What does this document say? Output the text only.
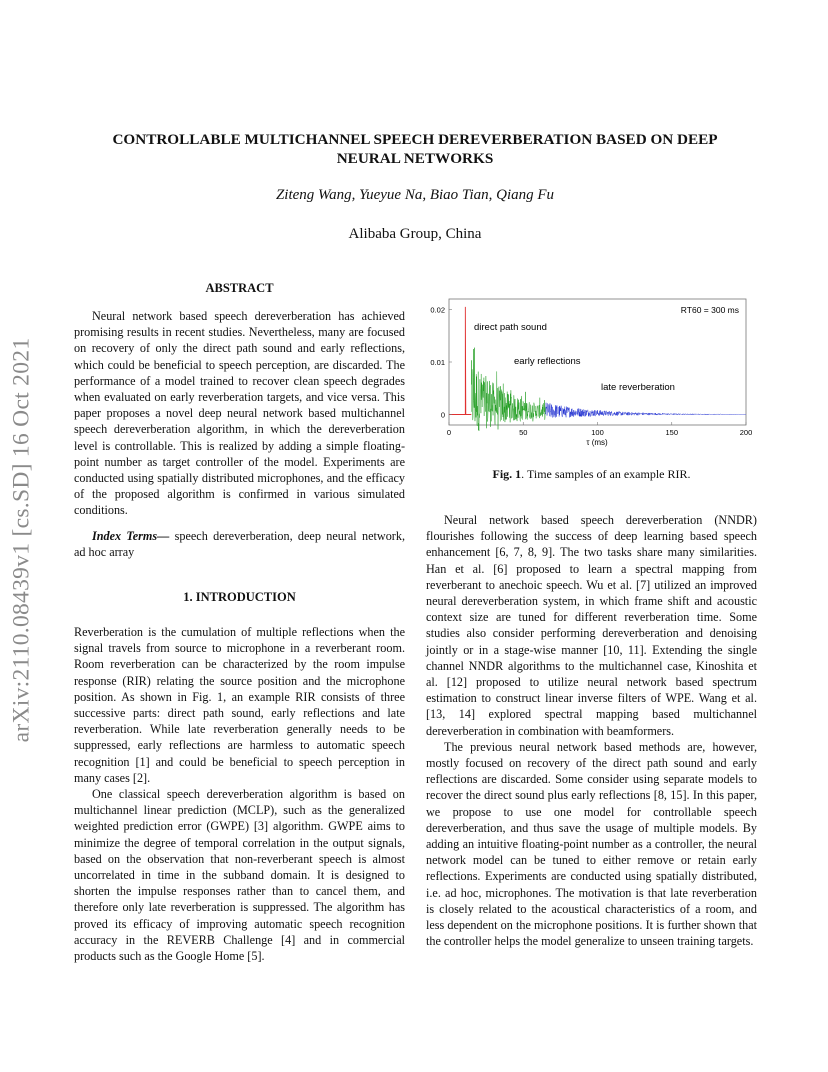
arXiv:2110.08439v1 [cs.SD] 16 Oct 2021
CONTROLLABLE MULTICHANNEL SPEECH DEREVERBERATION BASED ON DEEP
NEURAL NETWORKS
Ziteng Wang, Yueyue Na, Biao Tian, Qiang Fu
Alibaba Group, China
ABSTRACT

Neural network based speech dereverberation has achieved promising results in recent studies. Nevertheless, many are focused on recovery of only the direct path sound and early reflections, which could be beneficial to speech perception, are discarded. The performance of a model trained to recover clean speech degrades when evaluated on early reverberation targets, and vice versa. This paper proposes a novel deep neural network based multichannel speech dereverberation algorithm, in which the dereverberation level is controllable. This is realized by adding a simple floating-point number as target controller of the model. Experiments are conducted using spatially distributed microphones, and the efficacy of the proposed algorithm is confirmed in various simulated conditions.

Index Terms— speech dereverberation, deep neural network, ad hoc array

1. INTRODUCTION

Reverberation is the cumulation of multiple reflections when the signal travels from source to microphone in a reverberant room. Room reverberation can be characterized by the room impulse response (RIR) relating the source position and the microphone position. As shown in Fig. 1, an example RIR consists of three successive parts: direct path sound, early reflections and late reverberation. While late reverberation generally needs to be suppressed, early reflections are harmless to automatic speech recognition [1] and could be beneficial to speech perception in many cases [2].

One classical speech dereverberation algorithm is based on multichannel linear prediction (MCLP), such as the generalized weighted prediction error (GWPE) [3] algorithm. GWPE aims to minimize the degree of temporal correlation in the output signals, based on the observation that non-reverberant speech is almost uncorrelated in time in the subband domain. It is designed to shorten the impulse responses rather than to cancel them, and therefore only late reverberation is suppressed. The algorithm has proved its efficacy of improving automatic speech recognition accuracy in the REVERB Challenge [4] and in commercial products such as the Google Home [5].

0	50	100	150	200
0.02
0.01
0
RT60 = 300 ms
direct path sound
early reflections
late reverberation
τ (ms)
Fig. 1. Time samples of an example RIR.

Neural network based speech dereverberation (NNDR) flourishes following the success of deep learning based speech enhancement [6, 7, 8, 9]. The two tasks share many similarities. Han et al. [6] proposed to learn a spectral mapping from reverberant to anechoic speech. Wu et al. [7] utilized an improved neural dereverberation system, in which frame shift and acoustic context size are tuned for different reverberation time. Some studies also consider performing dereverberation and denoising jointly or in a stage-wise manner [10, 11]. Extending the single channel NNDR algorithms to the multichannel case, Kinoshita et al. [12] proposed to utilize neural network based spectrum estimation to construct linear inverse filters of WPE. Wang et al. [13, 14] explored spectral mapping based multichannel dereverberation in combination with beamformers.

The previous neural network based methods are, however, mostly focused on recovery of the direct path sound and early reflections are discarded. Some consider using separate models to recover the direct sound plus early reflections [8, 15]. In this paper, we propose to use one model for controllable speech dereverberation, and thus save the usage of multiple models. By adding an intuitive floating-point number as a controller, the neural network model can be tuned to either remove or retain early reflections. Experiments are conducted using spatially distributed, i.e. ad hoc, microphones. The motivation is that late reverberation is closely related to the acoustical characteristics of a room, and less dependent on the microphone positions. It is further shown that the controller helps the model generalize to unseen training targets.
